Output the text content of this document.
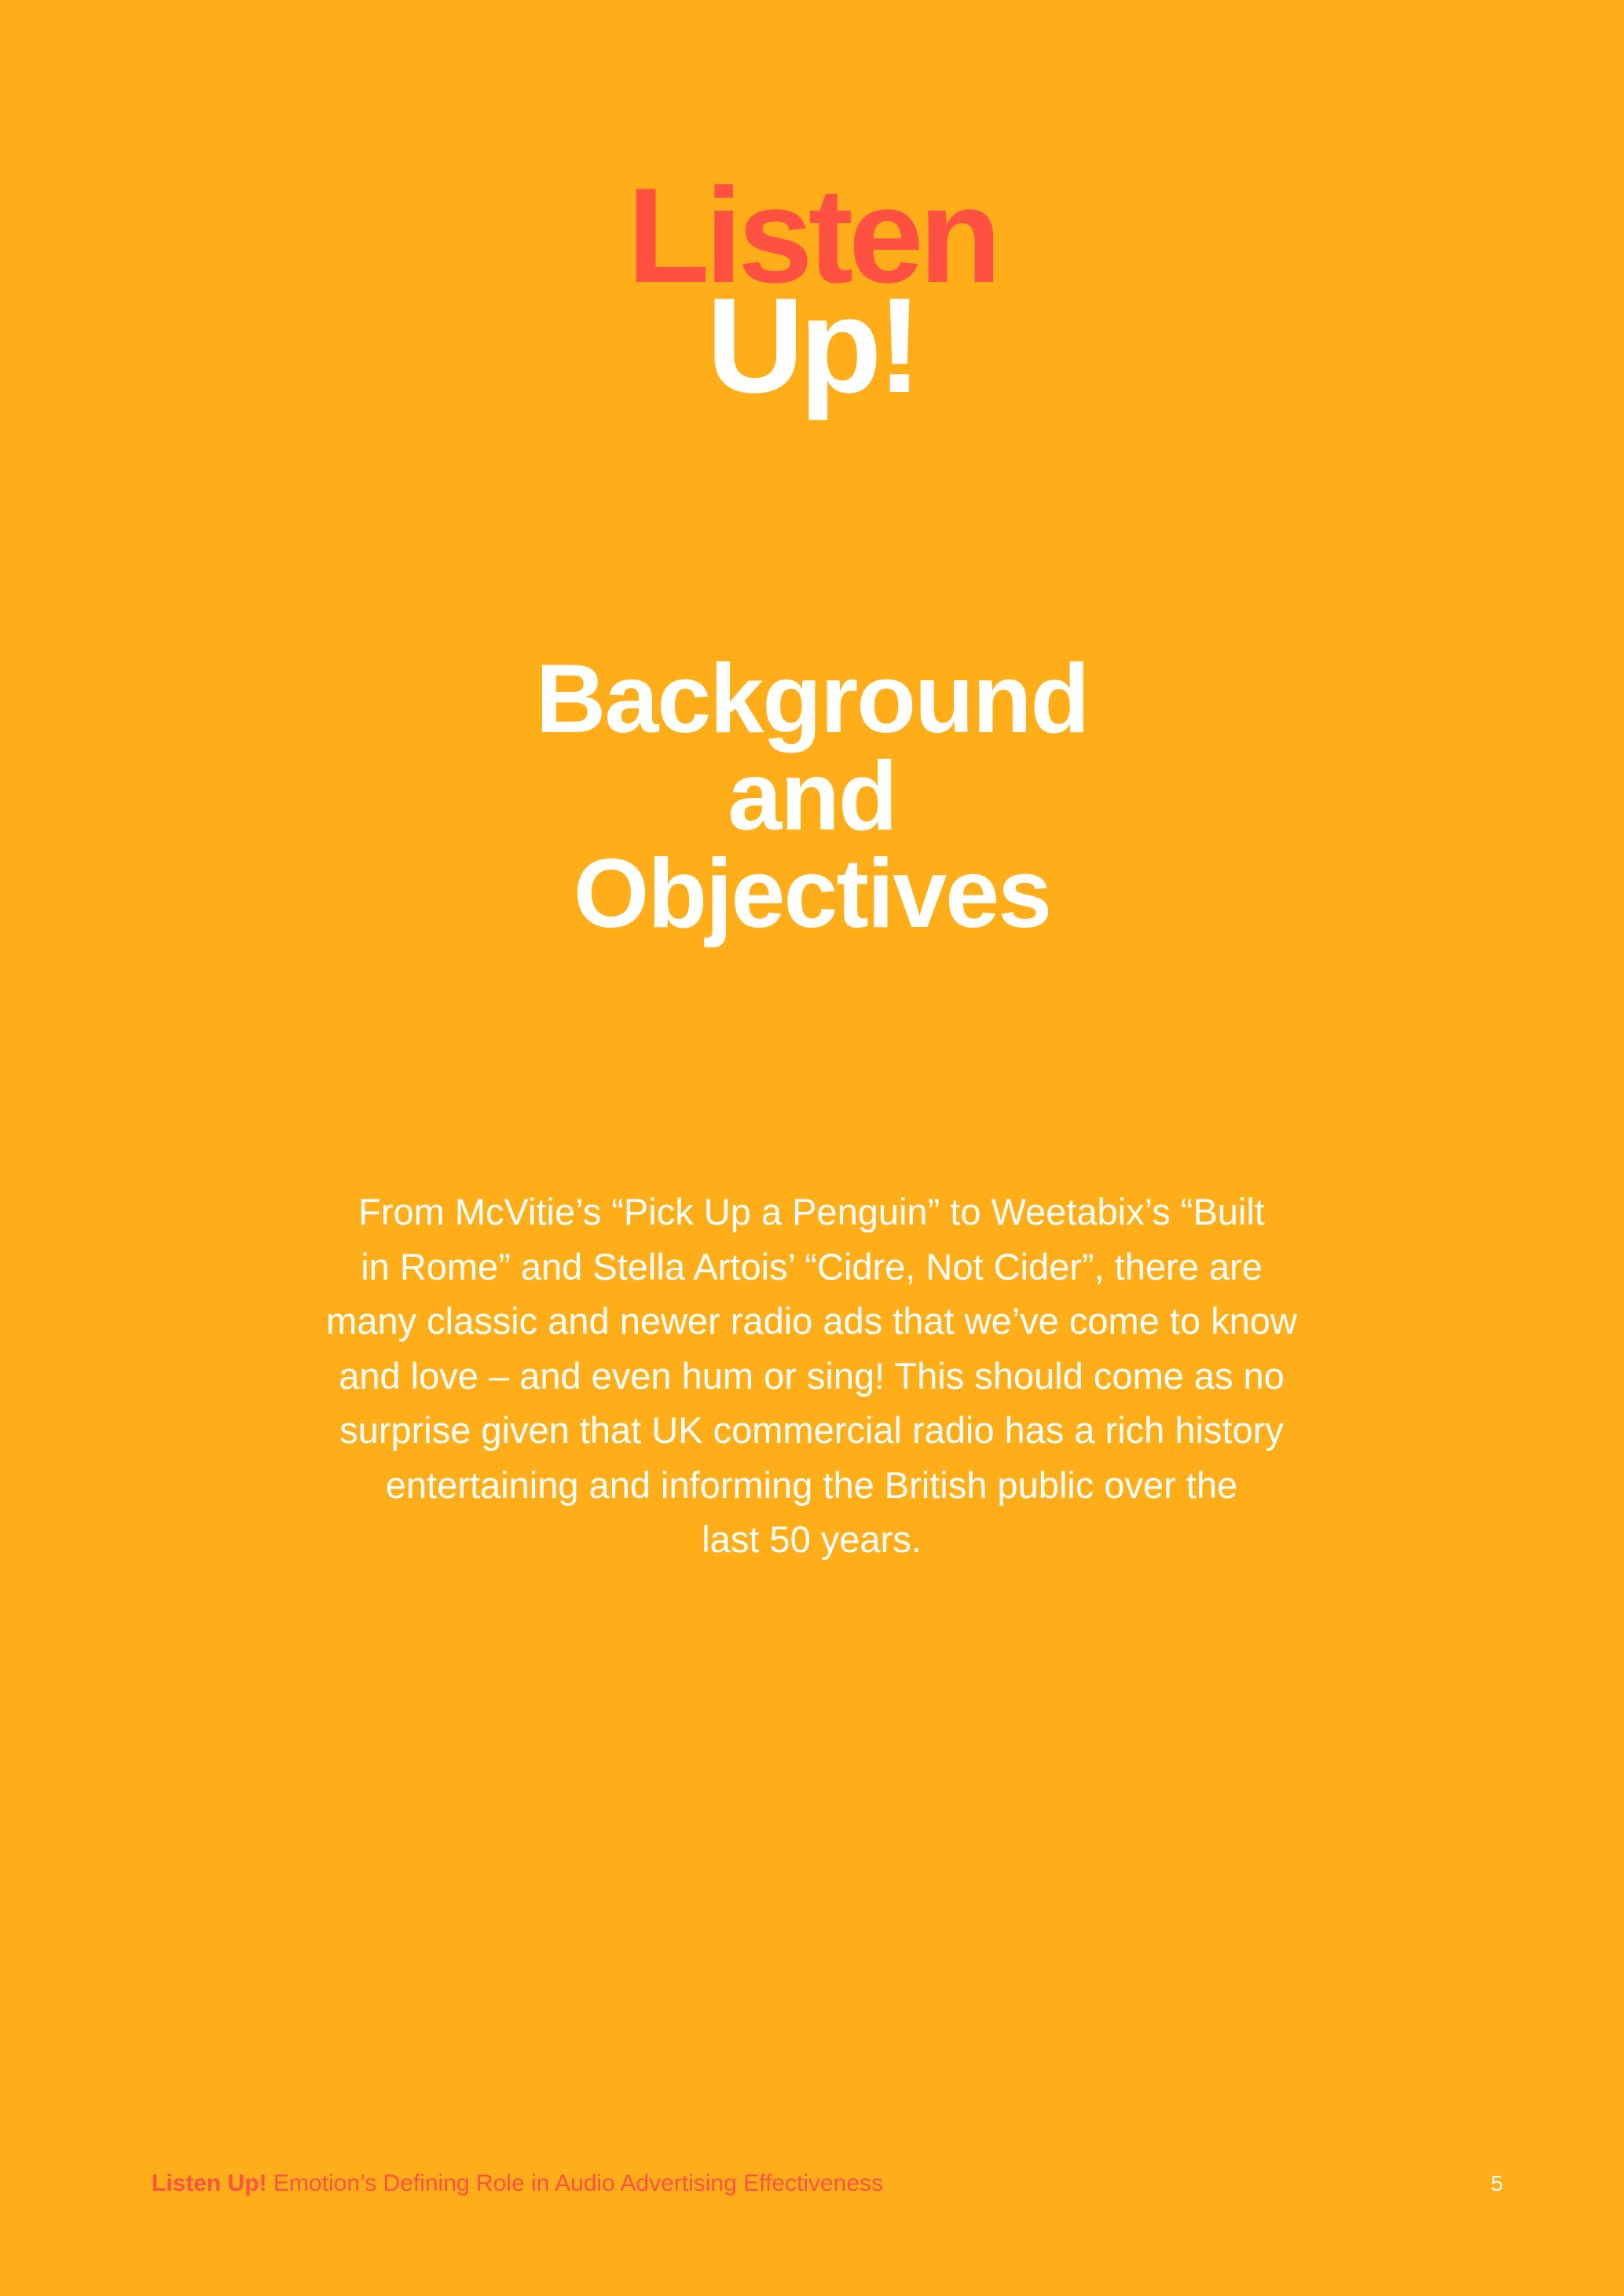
Listen
Up!
Background
and
Objectives
From McVitie’s “Pick Up a Penguin” to Weetabix’s “Built
in Rome” and Stella Artois’ “Cidre, Not Cider”, there are
many classic and newer radio ads that we’ve come to know
and love – and even hum or sing! This should come as no
surprise given that UK commercial radio has a rich history
entertaining and informing the British public over the
last 50 years.
Listen Up! Emotion’s Defining Role in Audio Advertising Effectiveness	5
